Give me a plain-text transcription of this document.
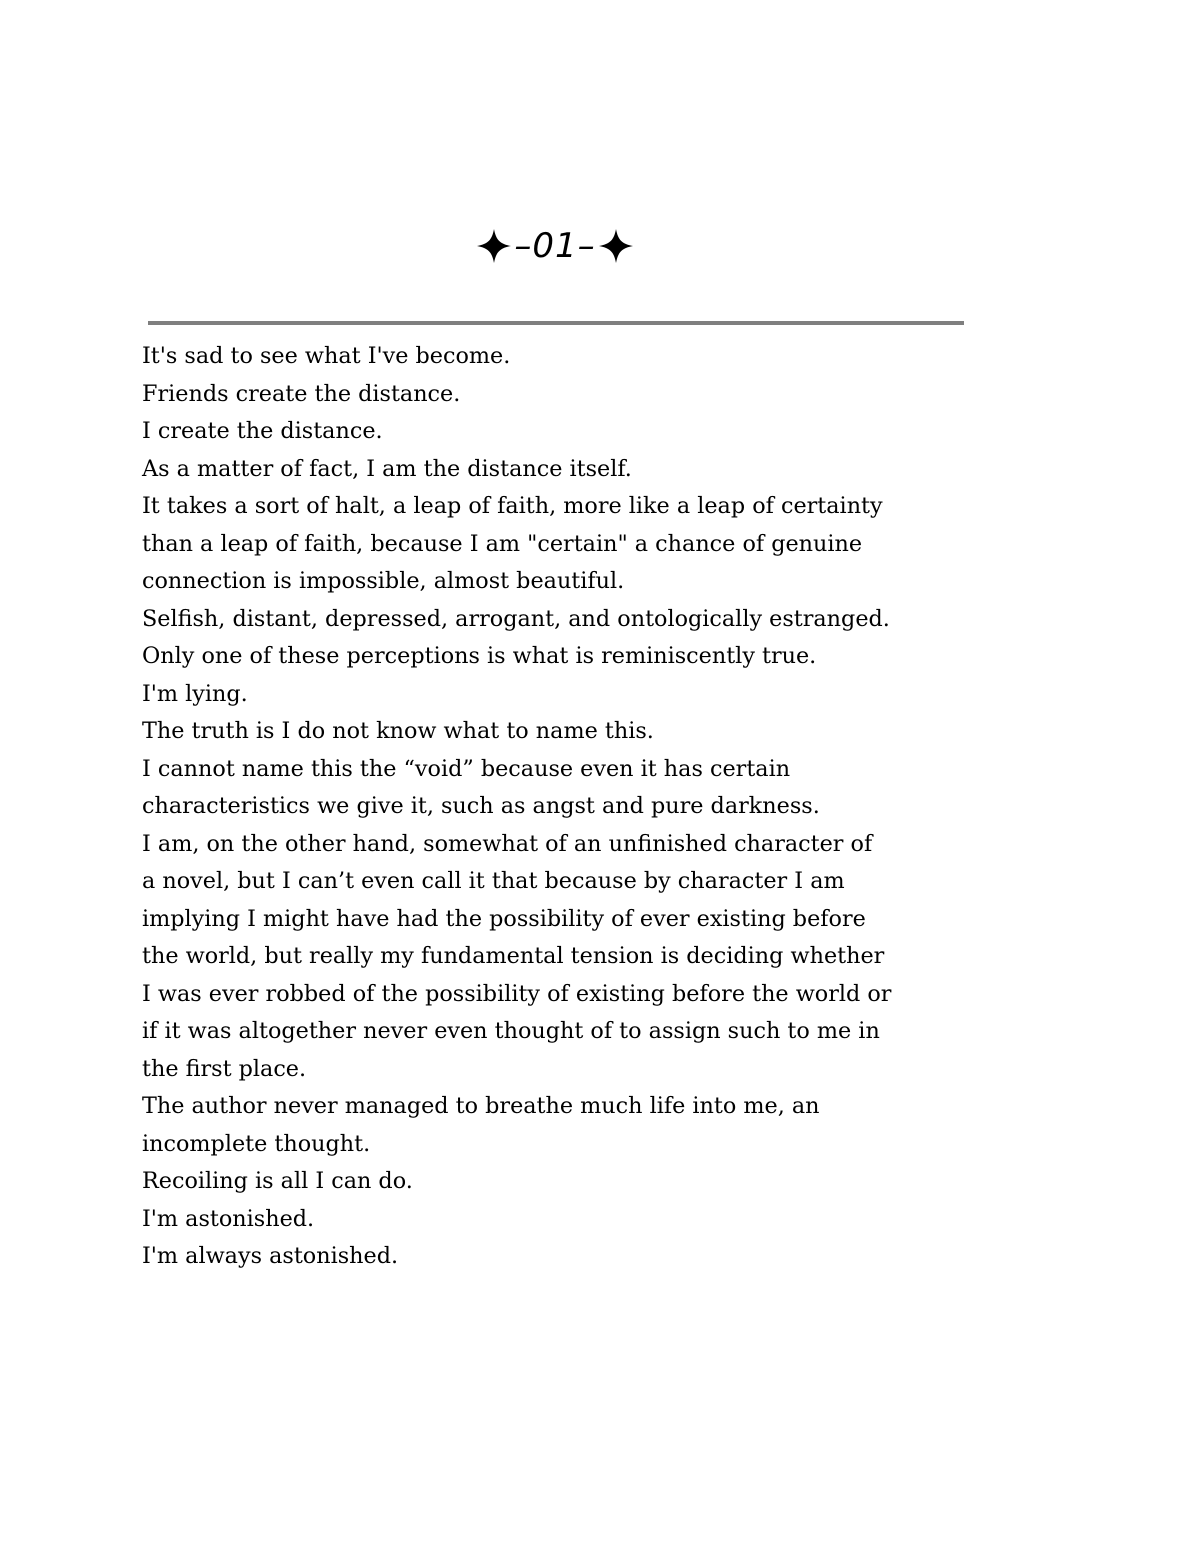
–01–
It's sad to see what I've become.
Friends create the distance.
I create the distance.
As a matter of fact, I am the distance itself.
It takes a sort of halt, a leap of faith, more like a leap of certainty
than a leap of faith, because I am "certain" a chance of genuine
connection is impossible, almost beautiful.
Selfish, distant, depressed, arrogant, and ontologically estranged.
Only one of these perceptions is what is reminiscently true.
I'm lying.
The truth is I do not know what to name this.
I cannot name this the “void” because even it has certain
characteristics we give it, such as angst and pure darkness.
I am, on the other hand, somewhat of an unfinished character of
a novel, but I can’t even call it that because by character I am
implying I might have had the possibility of ever existing before
the world, but really my fundamental tension is deciding whether
I was ever robbed of the possibility of existing before the world or
if it was altogether never even thought of to assign such to me in
the first place.
The author never managed to breathe much life into me, an
incomplete thought.
Recoiling is all I can do.
I'm astonished.
I'm always astonished.
